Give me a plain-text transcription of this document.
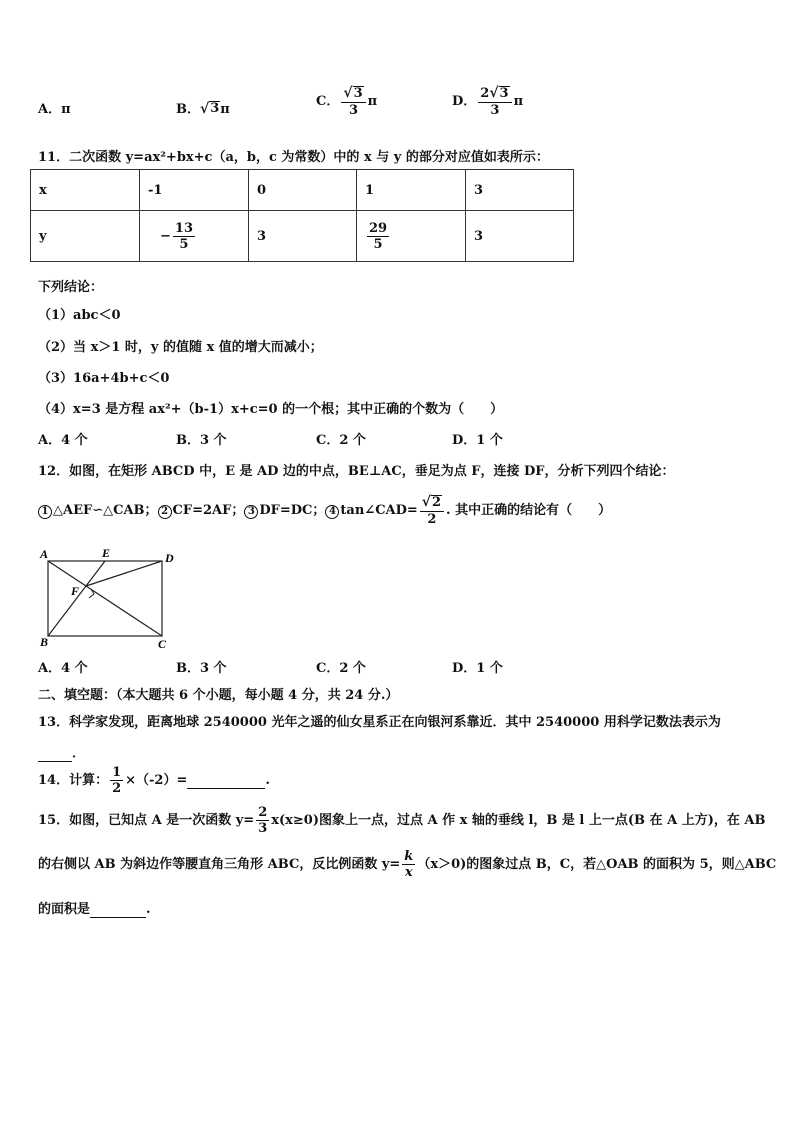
A．π	B． √ 3 π
C． $\frac{√ 3}{3}$ π	D． $\frac{2 √ 3}{3}$ π
11．二次函数 y=ax²+bx+c（a，b，c 为常数）中的 x 与 y 的部分对应值如表所示：
x	-1	0	1	3
y	− $\frac{13}{5}$	3	$\frac{29}{5}$	3
下列结论：
（1）abc＜0
（2）当 x＞1 时，y 的值随 x 值的增大而减小；
（3）16a+4b+c＜0
（4）x=3 是方程 ax²+（b-1）x+c=0 的一个根；其中正确的个数为（　　）
A．4 个	B．3 个	C．2 个	D．1 个
12．如图，在矩形 ABCD 中，E 是 AD 边的中点，BE⊥AC，垂足为点 F，连接 DF，分析下列四个结论：
1 △AEF∽△CAB； 2 CF=2AF； 3 DF=DC； 4 tan∠CAD= $\frac{√ 2}{2}$ . 其中正确的结论有（　　）
A	E	D
F
B	C
A．4 个	B．3 个	C．2 个	D．1 个
二、填空题：（本大题共 6 个小题，每小题 4 分，共 24 分.）
13．科学家发现，距离地球 2540000 光年之遥的仙女星系正在向银河系靠近．其中 2540000 用科学记数法表示为
．
14．计算： $\frac{1}{2} \times(-2)=$	.
15．如图，已知点 A 是一次函数 $y= \frac{2}{3} x(x\ge 0)$图象上一点，过点 A 作 x 轴的垂线 l，B 是 l 上一点(B 在 A 上方)，在 AB
的右侧以 AB 为斜边作等腰直角三角形 ABC，反比例函数 $y= \frac{k}{x} (x>0)$的图象过点 B，C，若△OAB 的面积为 5，则△ABC
的面积是	.
